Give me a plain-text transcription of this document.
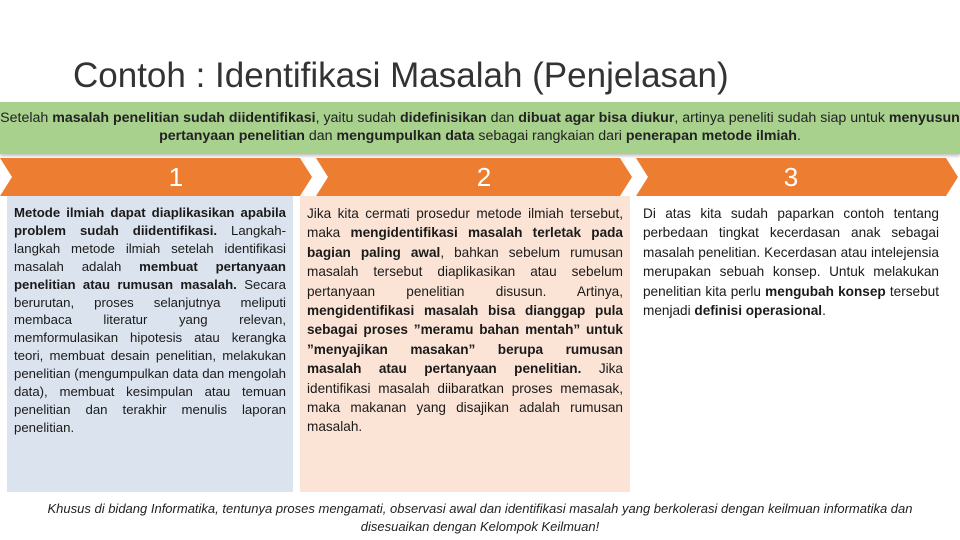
Contoh : Identifikasi Masalah (Penjelasan)
Setelah masalah penelitian sudah diidentifikasi, yaitu sudah didefinisikan dan dibuat agar bisa diukur, artinya peneliti sudah siap untuk menyusun pertanyaan penelitian dan mengumpulkan data sebagai rangkaian dari penerapan metode ilmiah.
1	2	3

Metode ilmiah dapat diaplikasikan apabila problem sudah diidentifikasi. Langkah-langkah metode ilmiah setelah identifikasi masalah adalah membuat pertanyaan penelitian atau rumusan masalah. Secara berurutan, proses selanjutnya meliputi membaca literatur yang relevan, memformulasikan hipotesis atau kerangka teori, membuat desain penelitian, melakukan penelitian (mengumpulkan data dan mengolah data), membuat kesimpulan atau temuan penelitian dan terakhir menulis laporan penelitian.

Jika kita cermati prosedur metode ilmiah tersebut, maka mengidentifikasi masalah terletak pada bagian paling awal, bahkan sebelum rumusan masalah tersebut diaplikasikan atau sebelum pertanyaan penelitian disusun. Artinya, mengidentifikasi masalah bisa dianggap pula sebagai proses ”meramu bahan mentah” untuk ”menyajikan masakan” berupa rumusan masalah atau pertanyaan penelitian. Jika identifikasi masalah diibaratkan proses memasak, maka makanan yang disajikan adalah rumusan masalah.

Di atas kita sudah paparkan contoh tentang perbedaan tingkat kecerdasan anak sebagai masalah penelitian. Kecerdasan atau intelejensia merupakan sebuah konsep. Untuk melakukan penelitian kita perlu mengubah konsep tersebut menjadi definisi operasional.

Khusus di bidang Informatika, tentunya proses mengamati, observasi awal dan identifikasi masalah yang berkolerasi dengan keilmuan informatika dan disesuaikan dengan Kelompok Keilmuan!
